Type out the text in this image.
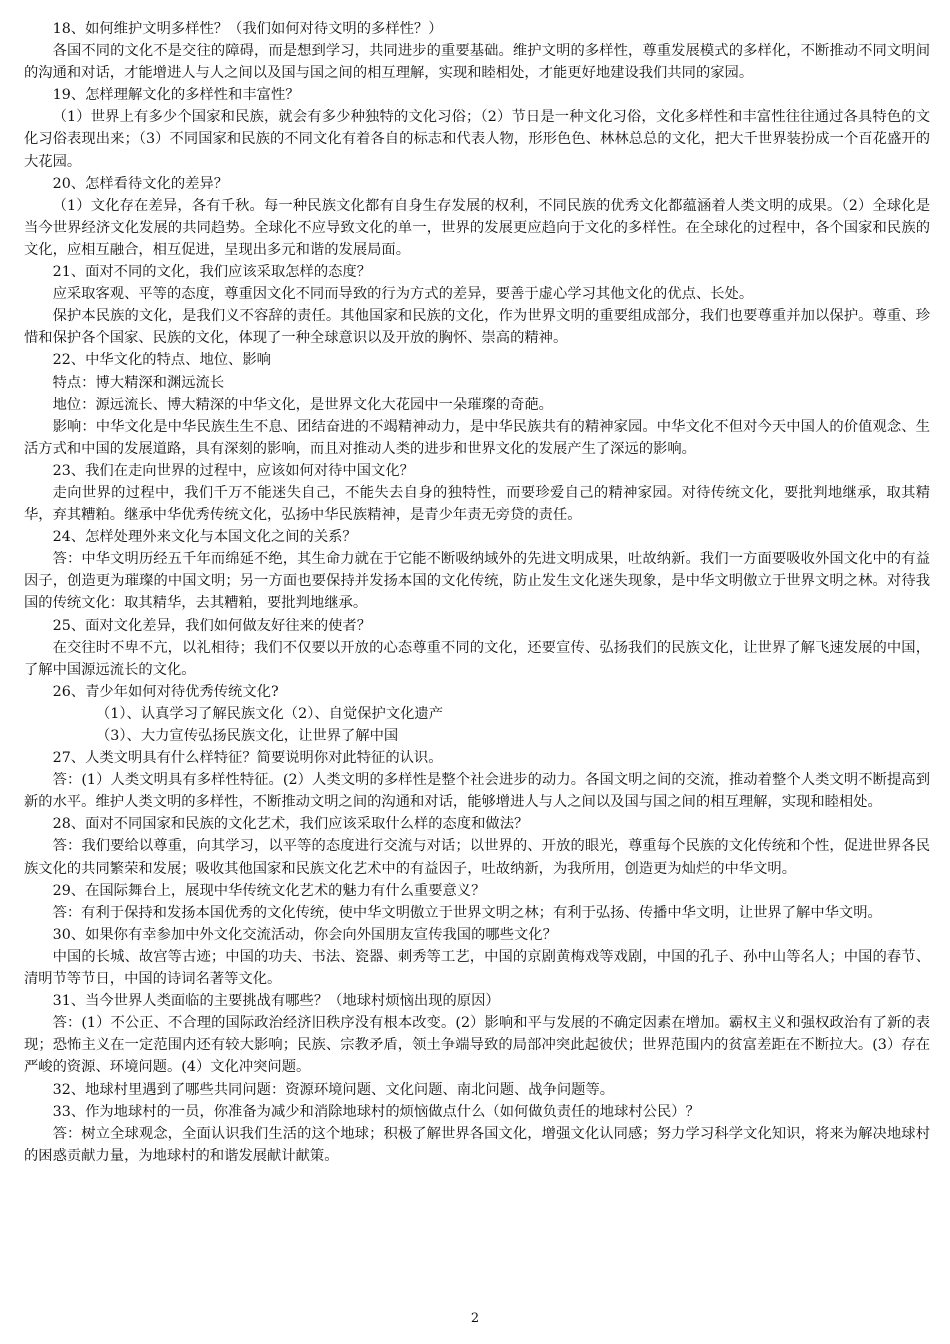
18、如何维护文明多样性？（我们如何对待文明的多样性？）

各国不同的文化不是交往的障碍，而是想到学习，共同进步的重要基础。维护文明的多样性，尊重发展模式的多样化，不断推动不同文明间的沟通和对话，才能增进人与人之间以及国与国之间的相互理解，实现和睦相处，才能更好地建设我们共同的家园。

19、怎样理解文化的多样性和丰富性？

（1）世界上有多少个国家和民族，就会有多少种独特的文化习俗；（2）节日是一种文化习俗，文化多样性和丰富性往往通过各具特色的文化习俗表现出来；（3）不同国家和民族的不同文化有着各自的标志和代表人物，形形色色、林林总总的文化，把大千世界装扮成一个百花盛开的大花园。

20、怎样看待文化的差异？

（1）文化存在差异，各有千秋。每一种民族文化都有自身生存发展的权利，不同民族的优秀文化都蕴涵着人类文明的成果。（2）全球化是当今世界经济文化发展的共同趋势。全球化不应导致文化的单一，世界的发展更应趋向于文化的多样性。在全球化的过程中，各个国家和民族的文化，应相互融合，相互促进，呈现出多元和谐的发展局面。

21、面对不同的文化，我们应该采取怎样的态度？

应采取客观、平等的态度，尊重因文化不同而导致的行为方式的差异，要善于虚心学习其他文化的优点、长处。

保护本民族的文化，是我们义不容辞的责任。其他国家和民族的文化，作为世界文明的重要组成部分，我们也要尊重并加以保护。尊重、珍惜和保护各个国家、民族的文化，体现了一种全球意识以及开放的胸怀、崇高的精神。

22、中华文化的特点、地位、影响

特点：博大精深和渊远流长

地位：源远流长、博大精深的中华文化，是世界文化大花园中一朵璀璨的奇葩。

影响：中华文化是中华民族生生不息、团结奋进的不竭精神动力，是中华民族共有的精神家园。中华文化不但对今天中国人的价值观念、生活方式和中国的发展道路，具有深刻的影响，而且对推动人类的进步和世界文化的发展产生了深远的影响。

23、我们在走向世界的过程中，应该如何对待中国文化？

走向世界的过程中，我们千万不能迷失自己，不能失去自身的独特性，而要珍爱自己的精神家园。对待传统文化，要批判地继承，取其精华，弃其糟粕。继承中华优秀传统文化，弘扬中华民族精神，是青少年责无旁贷的责任。

24、怎样处理外来文化与本国文化之间的关系？

答：中华文明历经五千年而绵延不绝，其生命力就在于它能不断吸纳域外的先进文明成果，吐故纳新。我们一方面要吸收外国文化中的有益因子，创造更为璀璨的中国文明；另一方面也要保持并发扬本国的文化传统，防止发生文化迷失现象，是中华文明傲立于世界文明之林。对待我国的传统文化：取其精华，去其糟粕，要批判地继承。

25、面对文化差异，我们如何做友好往来的使者？

在交往时不卑不亢，以礼相待；我们不仅要以开放的心态尊重不同的文化，还要宣传、弘扬我们的民族文化，让世界了解飞速发展的中国，了解中国源远流长的文化。

26、青少年如何对待优秀传统文化?

（1）、认真学习了解民族文化（2）、自觉保护文化遗产

（3）、大力宣传弘扬民族文化，让世界了解中国

27、人类文明具有什么样特征？简要说明你对此特征的认识。

答：(1）人类文明具有多样性特征。(2）人类文明的多样性是整个社会进步的动力。各国文明之间的交流，推动着整个人类文明不断提高到新的水平。维护人类文明的多样性，不断推动文明之间的沟通和对话，能够增进人与人之间以及国与国之间的相互理解，实现和睦相处。

28、面对不同国家和民族的文化艺术，我们应该采取什么样的态度和做法？

答：我们要给以尊重，向其学习，以平等的态度进行交流与对话；以世界的、开放的眼光，尊重每个民族的文化传统和个性，促进世界各民族文化的共同繁荣和发展；吸收其他国家和民族文化艺术中的有益因子，吐故纳新，为我所用，创造更为灿烂的中华文明。

29、在国际舞台上，展现中华传统文化艺术的魅力有什么重要意义？

答：有利于保持和发扬本国优秀的文化传统，使中华文明傲立于世界文明之林；有利于弘扬、传播中华文明，让世界了解中华文明。

30、如果你有幸参加中外文化交流活动，你会向外国朋友宣传我国的哪些文化？

中国的长城、故宫等古迹；中国的功夫、书法、瓷器、刺秀等工艺，中国的京剧黄梅戏等戏剧，中国的孔子、孙中山等名人；中国的春节、清明节等节日，中国的诗词名著等文化。

31、当今世界人类面临的主要挑战有哪些？（地球村烦恼出现的原因）

答：(1）不公正、不合理的国际政治经济旧秩序没有根本改变。(2）影响和平与发展的不确定因素在增加。霸权主义和强权政治有了新的表现；恐怖主义在一定范围内还有较大影响；民族、宗教矛盾，领土争端导致的局部冲突此起彼伏；世界范围内的贫富差距在不断拉大。(3）存在严峻的资源、环境问题。(4）文化冲突问题。

32、地球村里遇到了哪些共同问题：资源环境问题、文化问题、南北问题、战争问题等。

33、作为地球村的一员，你准备为减少和消除地球村的烦恼做点什么（如何做负责任的地球村公民）？

答：树立全球观念，全面认识我们生活的这个地球；积极了解世界各国文化，增强文化认同感；努力学习科学文化知识，将来为解决地球村的困惑贡献力量，为地球村的和谐发展献计献策。

2
